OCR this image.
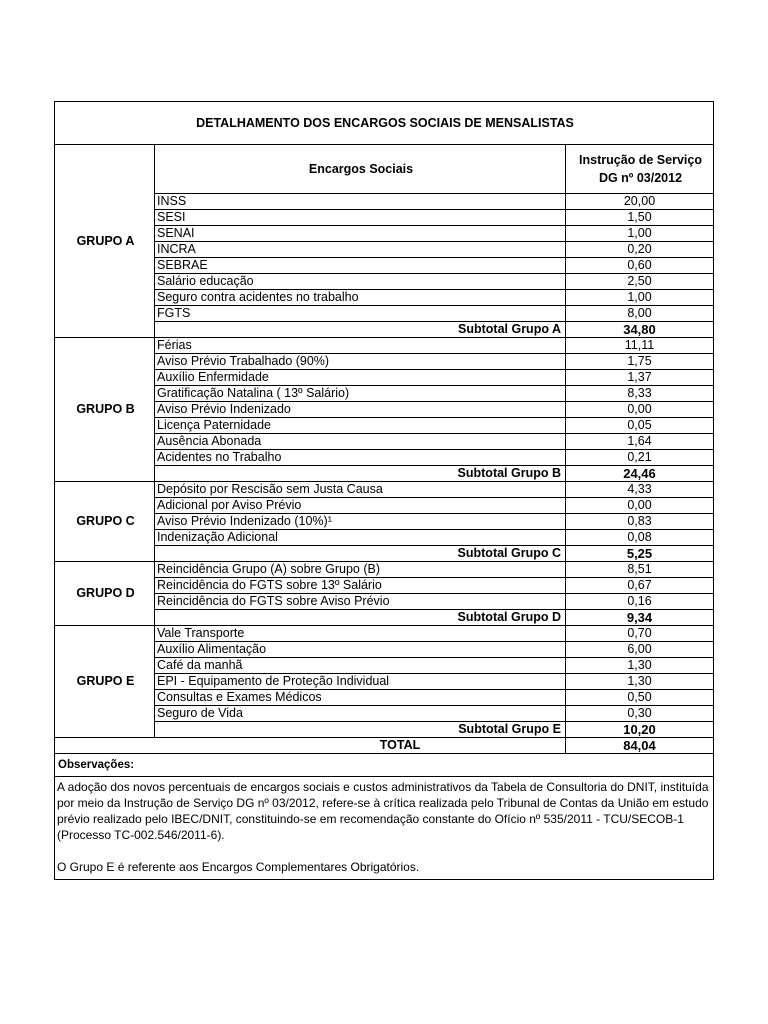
DETALHAMENTO DOS ENCARGOS SOCIAIS DE MENSALISTAS		
GRUPO A	Encargos Sociais	Instrução de Serviço
DG nº 03/2012

	INSS	20,00
	SESI	1,50
	SENAI	1,00
	INCRA	0,20
	SEBRAE	0,60
	Salário educação	2,50
	Seguro contra acidentes no trabalho	1,00
	FGTS	8,00
	Subtotal Grupo A	34,80
GRUPO B	Férias	11,11
	Aviso Prévio Trabalhado (90%)	1,75
	Auxílio Enfermidade	1,37
	Gratificação Natalina ( 13º Salário)	8,33
	Aviso Prévio Indenizado	0,00
	Licença Paternidade	0,05
	Ausência Abonada	1,64
	Acidentes no Trabalho	0,21
	Subtotal Grupo B	24,46
GRUPO C	Depósito por Rescisão sem Justa Causa	4,33
	Adicional por Aviso Prévio	0,00
	Aviso Prévio Indenizado (10%)¹	0,83
	Indenização Adicional	0,08
	Subtotal Grupo C	5,25
GRUPO D	Reincidência Grupo (A) sobre Grupo (B)	8,51
	Reincidência do FGTS sobre 13º Salário	0,67
	Reincidência do FGTS sobre Aviso Prévio	0,16
	Subtotal Grupo D	9,34
GRUPO E	Vale Transporte	0,70
	Auxílio Alimentação	6,00
	Café da manhã	1,30
	EPI - Equipamento de Proteção Individual	1,30
	Consultas e Exames Médicos	0,50
	Seguro de Vida	0,30
	Subtotal Grupo E	10,20
TOTAL		84,04
Observações:		

A adoção dos novos percentuais de encargos sociais e custos administrativos da Tabela de Consultoria do DNIT, instituída por meio da Instrução de Serviço DG nº 03/2012, refere-se à crítica realizada pelo Tribunal de Contas da União em estudo prévio realizado pelo IBEC/DNIT, constituindo-se em recomendação constante do Ofício nº 535/2011 - TCU/SECOB-1 (Processo TC-002.546/2011-6).

O Grupo E é referente aos Encargos Complementares Obrigatórios.		
